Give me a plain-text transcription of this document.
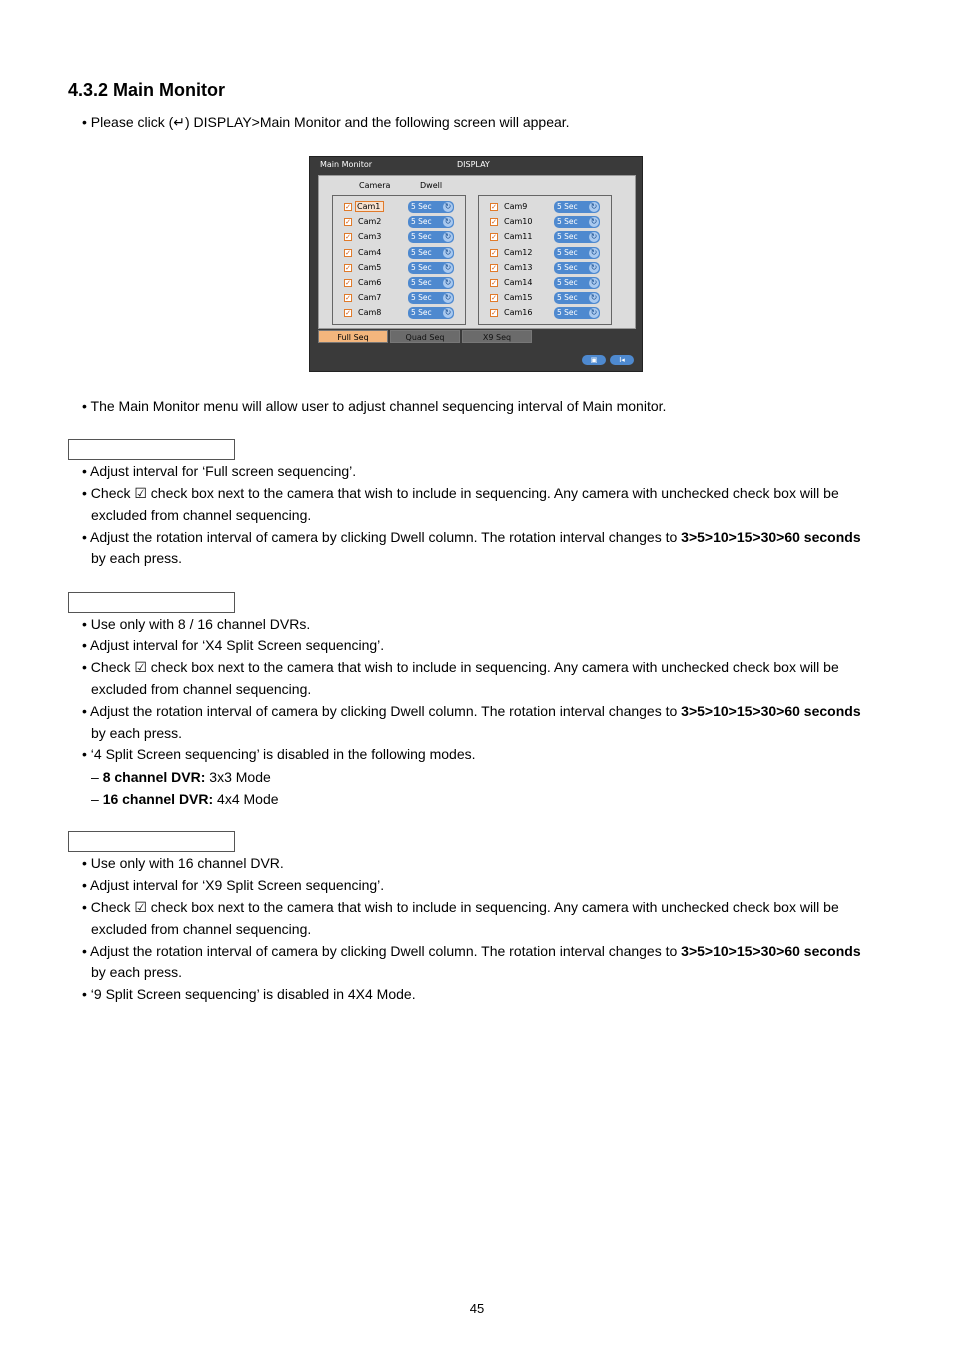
4.3.2 Main Monitor
• Please click (↵) DISPLAY>Main Monitor and the following screen will appear.
Main Monitor	DISPLAY
Camera	Dwell
✓ Cam1	5 Sec ↻
✓ Cam2	5 Sec ↻
✓ Cam3	5 Sec ↻
✓ Cam4	5 Sec ↻
✓ Cam5	5 Sec ↻
✓ Cam6	5 Sec ↻
✓ Cam7	5 Sec ↻
✓ Cam8	5 Sec ↻
✓ Cam9	5 Sec ↻
✓ Cam10	5 Sec ↻
✓ Cam11	5 Sec ↻
✓ Cam12	5 Sec ↻
✓ Cam13	5 Sec ↻
✓ Cam14	5 Sec ↻
✓ Cam15	5 Sec ↻
✓ Cam16	5 Sec ↻
Full Seq	Quad Seq	X9 Seq
▣	I◂
• The Main Monitor menu will allow user to adjust channel sequencing interval of Main monitor.
• Adjust interval for ‘Full screen sequencing’.
• Check ☑ check box next to the camera that wish to include in sequencing. Any camera with unchecked check box will be
excluded from channel sequencing.
• Adjust the rotation interval of camera by clicking Dwell column. The rotation interval changes to 3>5>10>15>30>60 seconds
by each press.
• Use only with 8 / 16 channel DVRs.
• Adjust interval for ‘X4 Split Screen sequencing’.
• Check ☑ check box next to the camera that wish to include in sequencing. Any camera with unchecked check box will be
excluded from channel sequencing.
• Adjust the rotation interval of camera by clicking Dwell column. The rotation interval changes to 3>5>10>15>30>60 seconds
by each press.
• ‘4 Split Screen sequencing’ is disabled in the following modes.
– 8 channel DVR: 3x3 Mode
– 16 channel DVR: 4x4 Mode
• Use only with 16 channel DVR.
• Adjust interval for ‘X9 Split Screen sequencing’.
• Check ☑ check box next to the camera that wish to include in sequencing. Any camera with unchecked check box will be
excluded from channel sequencing.
• Adjust the rotation interval of camera by clicking Dwell column. The rotation interval changes to 3>5>10>15>30>60 seconds
by each press.
• ‘9 Split Screen sequencing’ is disabled in 4X4 Mode.
45
